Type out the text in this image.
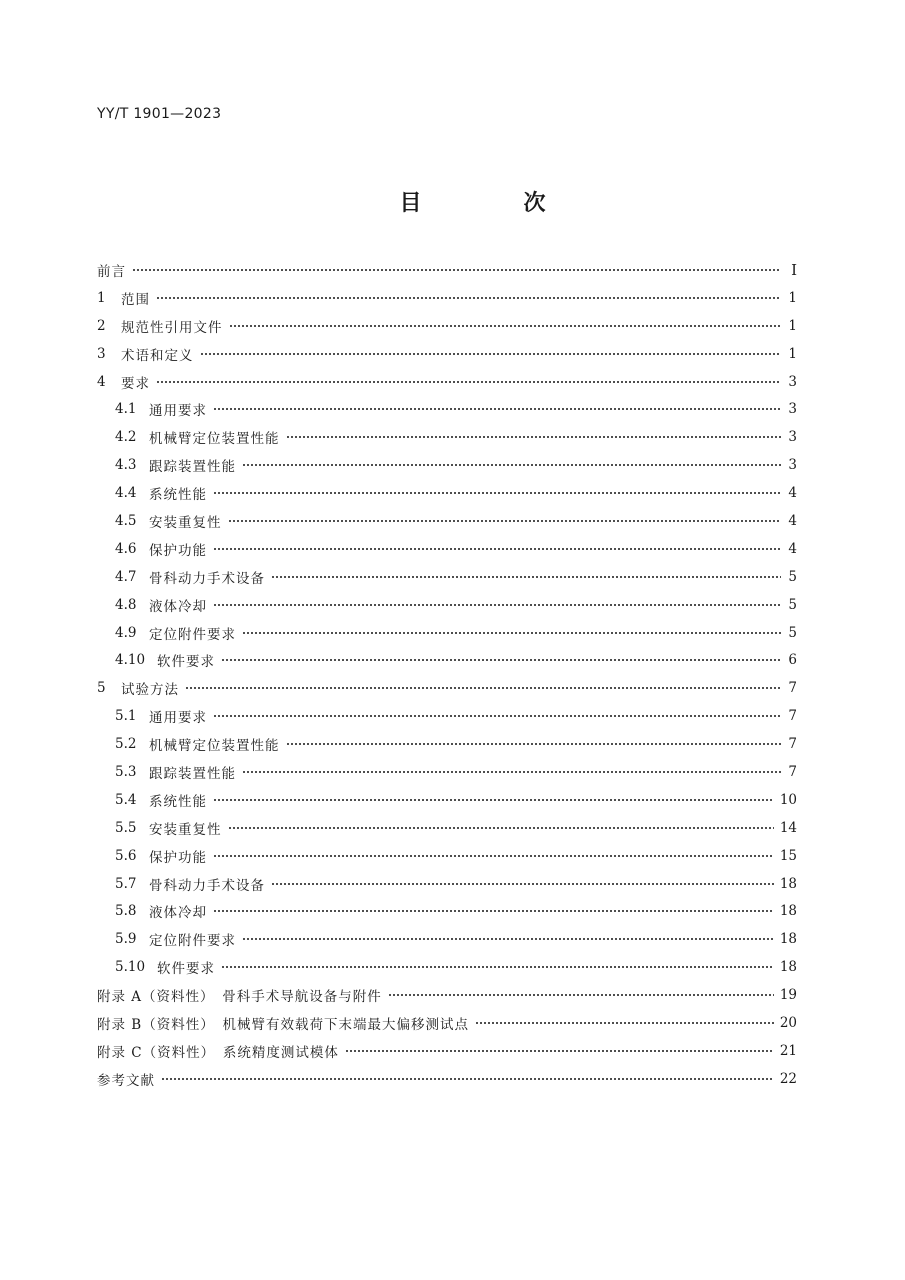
YY/T 1901—2023
目　次
前言	Ⅰ
1	范围	1
2	规范性引用文件	1
3	术语和定义	1
4	要求	3
4.1 通用要求	3
4.2 机械臂定位装置性能	3
4.3 跟踪装置性能	3
4.4 系统性能	4
4.5 安装重复性	4
4.6 保护功能	4
4.7 骨科动力手术设备	5
4.8 液体冷却	5
4.9 定位附件要求	5
4.10 软件要求	6
5	试验方法	7
5.1 通用要求	7
5.2 机械臂定位装置性能	7
5.3 跟踪装置性能	7
5.4 系统性能	10
5.5 安装重复性	14
5.6 保护功能	15
5.7 骨科动力手术设备	18
5.8 液体冷却	18
5.9 定位附件要求	18
5.10 软件要求	18
附录 A（资料性）　骨科手术导航设备与附件	19
附录 B（资料性）　机械臂有效载荷下末端最大偏移测试点	20
附录 C（资料性）　系统精度测试模体	21
参考文献	22
